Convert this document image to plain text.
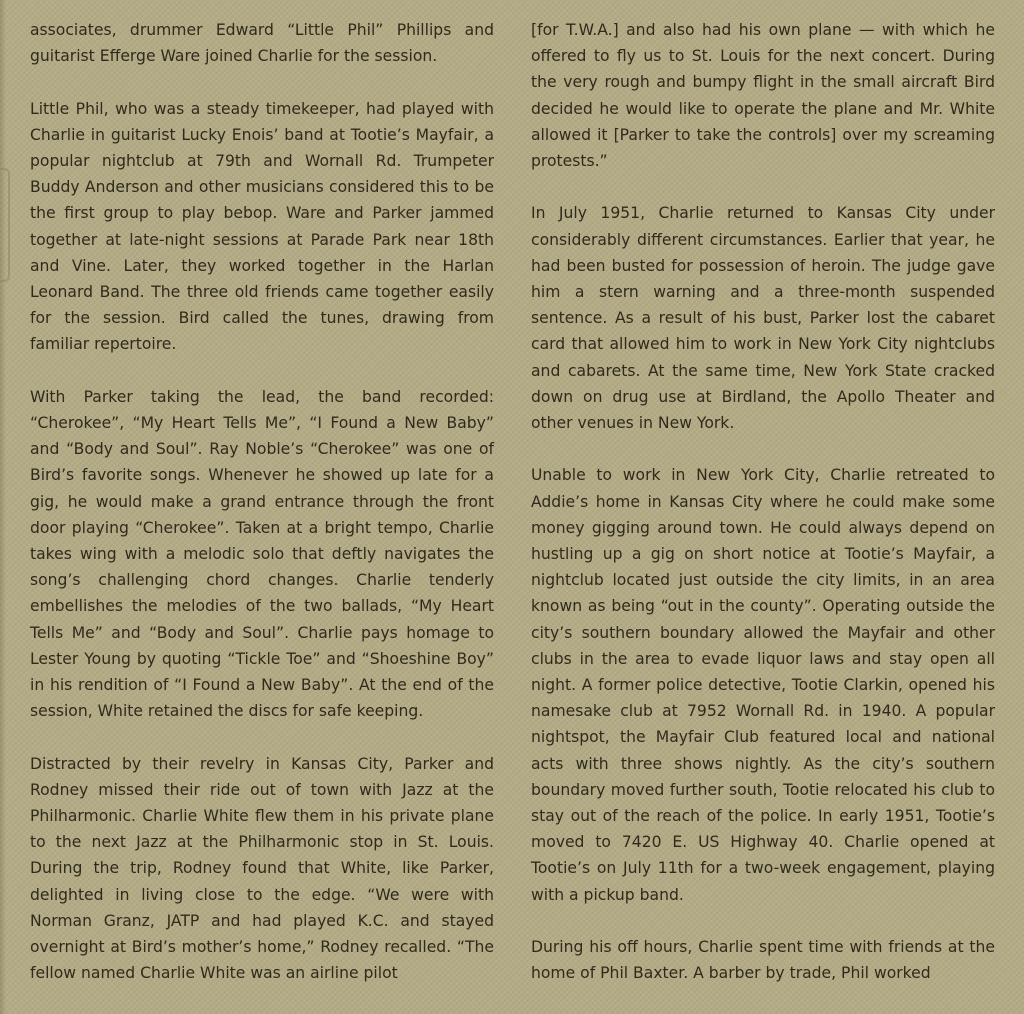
associates, drummer Edward “Little Phil” Phillips and guitarist Efferge Ware joined Charlie for the session.

Little Phil, who was a steady timekeeper, had played with Charlie in guitarist Lucky Enois’ band at Tootie’s Mayfair, a popular nightclub at 79th and Wornall Rd. Trumpeter Buddy Anderson and other musicians considered this to be the first group to play bebop. Ware and Parker jammed together at late-night sessions at Parade Park near 18th and Vine. Later, they worked together in the Harlan Leonard Band. The three old friends came together easily for the session. Bird called the tunes, drawing from familiar repertoire.

With Parker taking the lead, the band recorded: “Cherokee”, “My Heart Tells Me”, “I Found a New Baby” and “Body and Soul”. Ray Noble’s “Cherokee” was one of Bird’s favorite songs. Whenever he showed up late for a gig, he would make a grand entrance through the front door playing “Cherokee”. Taken at a bright tempo, Charlie takes wing with a melodic solo that deftly navigates the song’s challenging chord changes. Charlie tenderly embellishes the melodies of the two ballads, “My Heart Tells Me” and “Body and Soul”. Charlie pays homage to Lester Young by quoting “Tickle Toe” and “Shoeshine Boy” in his rendition of “I Found a New Baby”. At the end of the session, White retained the discs for safe keeping.

Distracted by their revelry in Kansas City, Parker and Rodney missed their ride out of town with Jazz at the Philharmonic. Charlie White flew them in his private plane to the next Jazz at the Philharmonic stop in St. Louis. During the trip, Rodney found that White, like Parker, delighted in living close to the edge. “We were with Norman Granz, JATP and had played K.C. and stayed overnight at Bird’s mother’s home,” Rodney recalled. “The fellow named Charlie White was an airline pilot

[for T.W.A.] and also had his own plane — with which he offered to fly us to St. Louis for the next concert. During the very rough and bumpy flight in the small aircraft Bird decided he would like to operate the plane and Mr. White allowed it [Parker to take the controls] over my screaming protests.”

In July 1951, Charlie returned to Kansas City under considerably different circumstances. Earlier that year, he had been busted for possession of heroin. The judge gave him a stern warning and a three-month suspended sentence. As a result of his bust, Parker lost the cabaret card that allowed him to work in New York City nightclubs and cabarets. At the same time, New York State cracked down on drug use at Birdland, the Apollo Theater and other venues in New York.

Unable to work in New York City, Charlie retreated to Addie’s home in Kansas City where he could make some money gigging around town. He could always depend on hustling up a gig on short notice at Tootie’s Mayfair, a nightclub located just outside the city limits, in an area known as being “out in the county”. Operating outside the city’s southern boundary allowed the Mayfair and other clubs in the area to evade liquor laws and stay open all night. A former police detective, Tootie Clarkin, opened his namesake club at 7952 Wornall Rd. in 1940. A popular nightspot, the Mayfair Club featured local and national acts with three shows nightly. As the city’s southern boundary moved further south, Tootie relocated his club to stay out of the reach of the police. In early 1951, Tootie’s moved to 7420 E. US Highway 40. Charlie opened at Tootie’s on July 11th for a two-week engagement, playing with a pickup band.

During his off hours, Charlie spent time with friends at the home of Phil Baxter. A barber by trade, Phil worked
